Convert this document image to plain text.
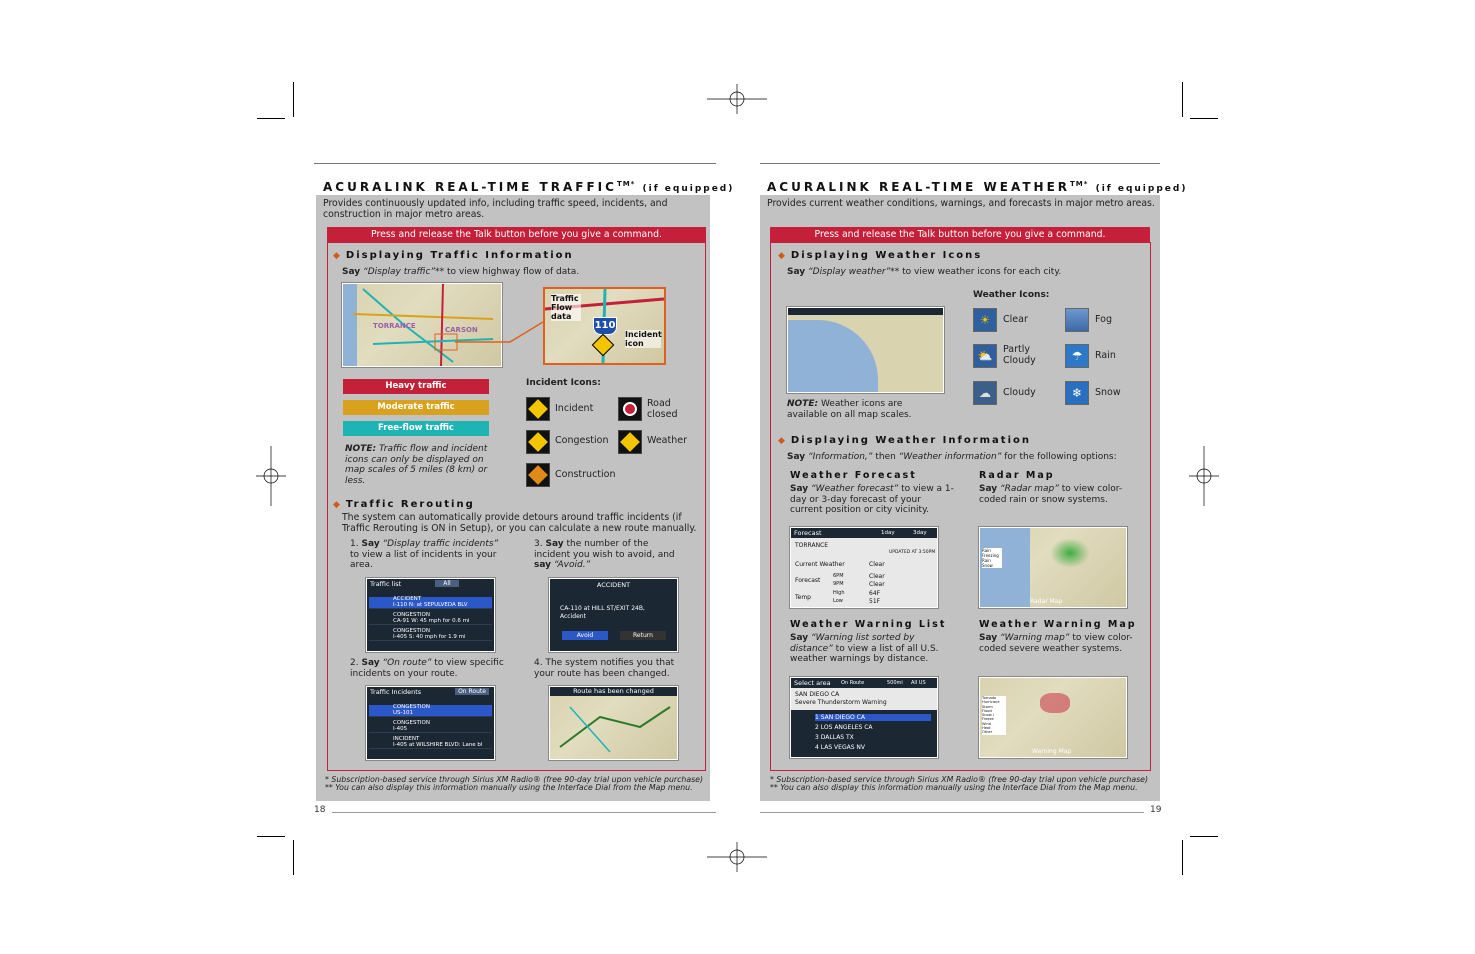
ACURALINK REAL-TIME $TRAFFIC^{TM*}$ (if equipped)
Provides continuously updated info, including traffic speed, incidents, and construction in major metro areas.
Press and release the Talk button before you give a command.
◆ Displaying Traffic Information
Say “Display traffic”** to view highway flow of data.
TORRANCE	CARSON	110
Traffic Flow data
Incident icon
Heavy traffic
Moderate traffic
Free-flow traffic
NOTE: Traffic flow and incident icons can only be displayed on map scales of 5 miles (8 km) or less.
Incident Icons:
Incident	Road closed
Congestion	Weather
Construction
◆ Traffic Rerouting
The system can automatically provide detours around traffic incidents (if Traffic Rerouting is ON in Setup), or you can calculate a new route manually.
1. Say “Display traffic incidents” to view a list of incidents in your area.
3. Say the number of the incident you wish to avoid, and say “Avoid.”
Traffic list	All
ACCIDENT
I-110 N: at SEPULVEDA BLV
CONGESTION
CA-91 W: 45 mph for 0.6 mi
CONGESTION
I-405 S: 40 mph for 1.9 mi
ACCIDENT
CA-110 at HILL ST/EXIT 24B,
Accident
Avoid	Return
2. Say “On route” to view specific incidents on your route.
4. The system notifies you that your route has been changed.
Traffic Incidents	On Route
CONGESTION
US-101
CONGESTION
I-405
INCIDENT
I-405 at WILSHIRE BLVD: Lane bl
Route has been changed
* Subscription-based service through Sirius XM Radio® (free 90-day trial upon vehicle purchase)
** You can also display this information manually using the Interface Dial from the Map menu.
18
ACURALINK REAL-TIME $WEATHER^{TM*}$ (if equipped)
Provides current weather conditions, warnings, and forecasts in major metro areas.
Press and release the Talk button before you give a command.
◆ Displaying Weather Icons
Say “Display weather”** to view weather icons for each city.
NOTE: Weather icons are available on all map scales.
Weather Icons:
☀	Clear	Fog
⛅	Partly Cloudy	☂	Rain
☁	Cloudy	❄	Snow
◆ Displaying Weather Information
Say “Information,” then “Weather information” for the following options:
Weather Forecast
Say “Weather forecast” to view a 1-day or 3-day forecast of your current position or city vicinity.
Radar Map
Say “Radar map” to view color-coded rain or snow systems.
Forecast	1day	3day
TORRANCE
UPDATED AT 3:50PM
Current Weather	Clear
Forecast
6PM	Clear
9PM	Clear
Temp
High	64F
Low	51F
Rain
Freezing Rain
Snow
Radar Map
Weather Warning List
Say “Warning list sorted by distance” to view a list of all U.S. weather warnings by distance.
Weather Warning Map
Say “Warning map” to view color-coded severe weather systems.
Select area On Route	500mi All US
SAN DIEGO CA
Severe Thunderstorm Warning
1 SAN DIEGO CA
2 LOS ANGELES CA
3 DALLAS TX
4 LAS VEGAS NV
Tornado
Hurricane
Storm
Flood
Snow / Freeze
Wind
Heat
Other
Warning Map
* Subscription-based service through Sirius XM Radio® (free 90-day trial upon vehicle purchase)
** You can also display this information manually using the Interface Dial from the Map menu.
19
